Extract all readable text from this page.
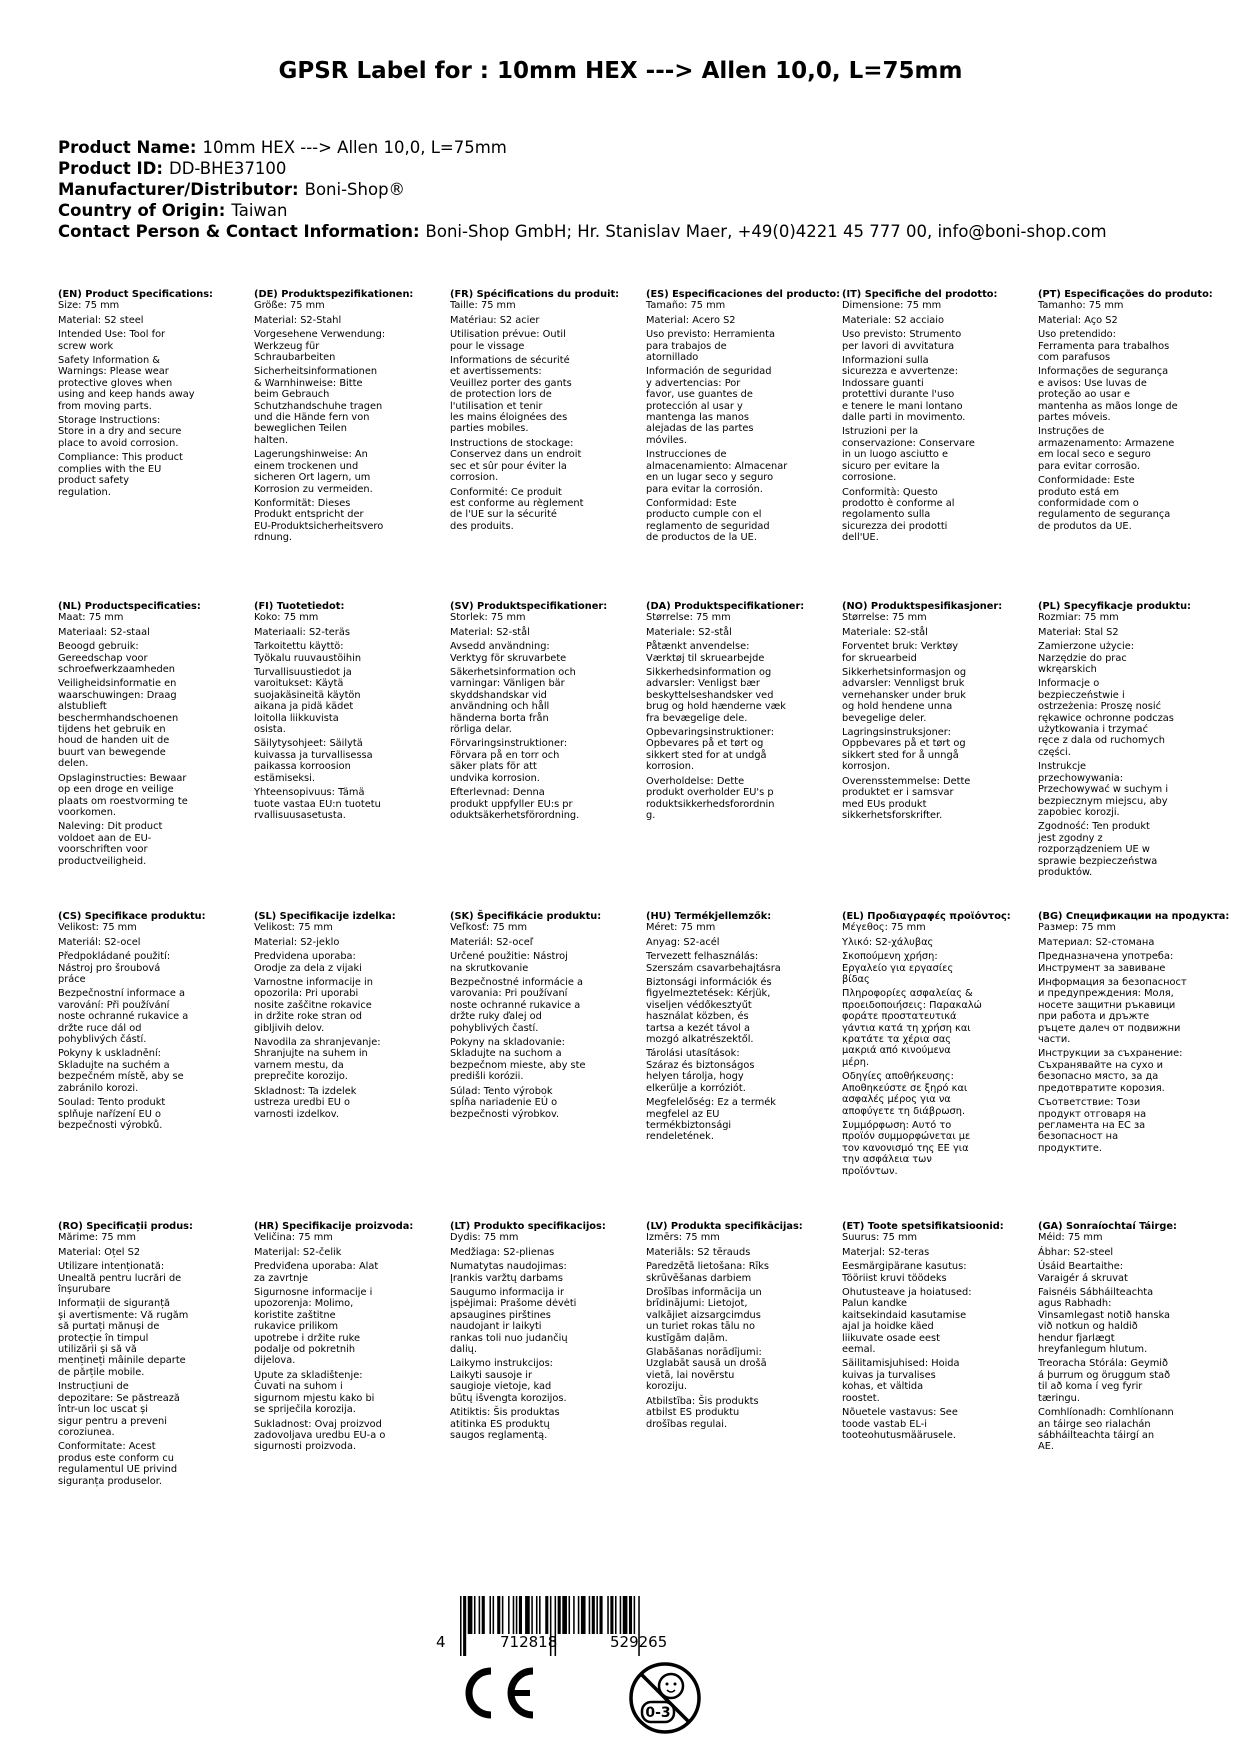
GPSR Label for : 10mm HEX ---> Allen 10,0, L=75mm
Product Name: 10mm HEX ---> Allen 10,0, L=75mm
Product ID: DD-BHE37100
Manufacturer/Distributor: Boni-Shop®
Country of Origin: Taiwan
Contact Person & Contact Information: Boni-Shop GmbH; Hr. Stanislav Maer, +49(0)4221 45 777 00, info@boni-shop.com
(EN) Product Specifications:

Size: 75 mm

Material: S2 steel

Intended Use: Tool for
screw work

Safety Information &
Warnings: Please wear
protective gloves when
using and keep hands away
from moving parts.

Storage Instructions:
Store in a dry and secure
place to avoid corrosion.

Compliance: This product
complies with the EU
product safety
regulation.

(DE) Produktspezifikationen:

Größe: 75 mm

Material: S2-Stahl

Vorgesehene Verwendung:
Werkzeug für
Schraubarbeiten

Sicherheitsinformationen
& Warnhinweise: Bitte
beim Gebrauch
Schutzhandschuhe tragen
und die Hände fern von
beweglichen Teilen
halten.

Lagerungshinweise: An
einem trockenen und
sicheren Ort lagern, um
Korrosion zu vermeiden.

Konformität: Dieses
Produkt entspricht der
EU-Produktsicherheitsvero
rdnung.

(FR) Spécifications du produit:

Taille: 75 mm

Matériau: S2 acier

Utilisation prévue: Outil
pour le vissage

Informations de sécurité
et avertissements:
Veuillez porter des gants
de protection lors de
l'utilisation et tenir
les mains éloignées des
parties mobiles.

Instructions de stockage:
Conservez dans un endroit
sec et sûr pour éviter la
corrosion.

Conformité: Ce produit
est conforme au règlement
de l'UE sur la sécurité
des produits.

(ES) Especificaciones del producto:

Tamaño: 75 mm

Material: Acero S2

Uso previsto: Herramienta
para trabajos de
atornillado

Información de seguridad
y advertencias: Por
favor, use guantes de
protección al usar y
mantenga las manos
alejadas de las partes
móviles.

Instrucciones de
almacenamiento: Almacenar
en un lugar seco y seguro
para evitar la corrosión.

Conformidad: Este
producto cumple con el
reglamento de seguridad
de productos de la UE.

(IT) Specifiche del prodotto:

Dimensione: 75 mm

Materiale: S2 acciaio

Uso previsto: Strumento
per lavori di avvitatura

Informazioni sulla
sicurezza e avvertenze:
Indossare guanti
protettivi durante l'uso
e tenere le mani lontano
dalle parti in movimento.

Istruzioni per la
conservazione: Conservare
in un luogo asciutto e
sicuro per evitare la
corrosione.

Conformità: Questo
prodotto è conforme al
regolamento sulla
sicurezza dei prodotti
dell'UE.

(PT) Especificações do produto:

Tamanho: 75 mm

Material: Aço S2

Uso pretendido:
Ferramenta para trabalhos
com parafusos

Informações de segurança
e avisos: Use luvas de
proteção ao usar e
mantenha as mãos longe de
partes móveis.

Instruções de
armazenamento: Armazene
em local seco e seguro
para evitar corrosão.

Conformidade: Este
produto está em
conformidade com o
regulamento de segurança
de produtos da UE.

(NL) Productspecificaties:

Maat: 75 mm

Materiaal: S2-staal

Beoogd gebruik:
Gereedschap voor
schroefwerkzaamheden

Veiligheidsinformatie en
waarschuwingen: Draag
alstublieft
beschermhandschoenen
tijdens het gebruik en
houd de handen uit de
buurt van bewegende
delen.

Opslaginstructies: Bewaar
op een droge en veilige
plaats om roestvorming te
voorkomen.

Naleving: Dit product
voldoet aan de EU-
voorschriften voor
productveiligheid.

(FI) Tuotetiedot:

Koko: 75 mm

Materiaali: S2-teräs

Tarkoitettu käyttö:
Työkalu ruuvaustöihin

Turvallisuustiedot ja
varoitukset: Käytä
suojakäsineitä käytön
aikana ja pidä kädet
loitolla liikkuvista
osista.

Säilytysohjeet: Säilytä
kuivassa ja turvallisessa
paikassa korroosion
estämiseksi.

Yhteensopivuus: Tämä
tuote vastaa EU:n tuotetu
rvallisuusasetusta.

(SV) Produktspecifikationer:

Storlek: 75 mm

Material: S2-stål

Avsedd användning:
Verktyg för skruvarbete

Säkerhetsinformation och
varningar: Vänligen bär
skyddshandskar vid
användning och håll
händerna borta från
rörliga delar.

Förvaringsinstruktioner:
Förvara på en torr och
säker plats för att
undvika korrosion.

Efterlevnad: Denna
produkt uppfyller EU:s pr
oduktsäkerhetsförordning.

(DA) Produktspecifikationer:

Størrelse: 75 mm

Materiale: S2-stål

Påtænkt anvendelse:
Værktøj til skruearbejde

Sikkerhedsinformation og
advarsler: Venligst bær
beskyttelseshandsker ved
brug og hold hænderne væk
fra bevægelige dele.

Opbevaringsinstruktioner:
Opbevares på et tørt og
sikkert sted for at undgå
korrosion.

Overholdelse: Dette
produkt overholder EU's p
roduktsikkerhedsforordnin
g.

(NO) Produktspesifikasjoner:

Størrelse: 75 mm

Materiale: S2-stål

Forventet bruk: Verktøy
for skruearbeid

Sikkerhetsinformasjon og
advarsler: Vennligst bruk
vernehansker under bruk
og hold hendene unna
bevegelige deler.

Lagringsinstruksjoner:
Oppbevares på et tørt og
sikkert sted for å unngå
korrosjon.

Overensstemmelse: Dette
produktet er i samsvar
med EUs produkt
sikkerhetsforskrifter.

(PL) Specyfikacje produktu:

Rozmiar: 75 mm

Materiał: Stal S2

Zamierzone użycie:
Narzędzie do prac
wkręarskich

Informacje o
bezpieczeństwie i
ostrzeżenia: Proszę nosić
rękawice ochronne podczas
użytkowania i trzymać
ręce z dala od ruchomych
części.

Instrukcje
przechowywania:
Przechowywać w suchym i
bezpiecznym miejscu, aby
zapobiec korozji.

Zgodność: Ten produkt
jest zgodny z
rozporządzeniem UE w
sprawie bezpieczeństwa
produktów.

(CS) Specifikace produktu:

Velikost: 75 mm

Materiál: S2-ocel

Předpokládané použití:
Nástroj pro šroubová
práce

Bezpečnostní informace a
varování: Při používání
noste ochranné rukavice a
držte ruce dál od
pohyblivých částí.

Pokyny k uskladnění:
Skladujte na suchém a
bezpečném místě, aby se
zabránilo korozi.

Soulad: Tento produkt
splňuje nařízení EU o
bezpečnosti výrobků.

(SL) Specifikacije izdelka:

Velikost: 75 mm

Material: S2-jeklo

Predvidena uporaba:
Orodje za dela z vijaki

Varnostne informacije in
opozorila: Pri uporabi
nosite zaščitne rokavice
in držite roke stran od
gibljivih delov.

Navodila za shranjevanje:
Shranjujte na suhem in
varnem mestu, da
preprečite korozijo.

Skladnost: Ta izdelek
ustreza uredbi EU o
varnosti izdelkov.

(SK) Špecifikácie produktu:

Veľkosť: 75 mm

Materiál: S2-oceľ

Určené použitie: Nástroj
na skrutkovanie

Bezpečnostné informácie a
varovania: Pri používaní
noste ochranné rukavice a
držte ruky ďalej od
pohyblivých častí.

Pokyny na skladovanie:
Skladujte na suchom a
bezpečnom mieste, aby ste
predišli korózii.

Súlad: Tento výrobok
spĺňa nariadenie EÚ o
bezpečnosti výrobkov.

(HU) Termékjellemzők:

Méret: 75 mm

Anyag: S2-acél

Tervezett felhasználás:
Szerszám csavarbehajtásra

Biztonsági információk és
figyelmeztetések: Kérjük,
viseljen védőkesztyűt
használat közben, és
tartsa a kezét távol a
mozgó alkatrészektől.

Tárolási utasítások:
Száraz és biztonságos
helyen tárolja, hogy
elkerülje a korróziót.

Megfelelőség: Ez a termék
megfelel az EU
termékbiztonsági
rendeletének.

(EL) Προδιαγραφές προϊόντος:

Μέγεθος: 75 mm

Υλικό: S2-χάλυβας

Σκοπούμενη χρήση:
Εργαλείο για εργασίες
βίδας

Πληροφορίες ασφαλείας &
προειδοποιήσεις: Παρακαλώ
φοράτε προστατευτικά
γάντια κατά τη χρήση και
κρατάτε τα χέρια σας
μακριά από κινούμενα
μέρη.

Οδηγίες αποθήκευσης:
Αποθηκεύστε σε ξηρό και
ασφαλές μέρος για να
αποφύγετε τη διάβρωση.

Συμμόρφωση: Αυτό το
προϊόν συμμορφώνεται με
τον κανονισμό της ΕΕ για
την ασφάλεια των
προϊόντων.

(BG) Спецификации на продукта:

Размер: 75 mm

Материал: S2-стомана

Предназначена употреба:
Инструмент за завиване

Информация за безопасност
и предупреждения: Моля,
носете защитни ръкавици
при работа и дръжте
ръцете далеч от подвижни
части.

Инструкции за съхранение:
Съхранявайте на сухо и
безопасно място, за да
предотвратите корозия.

Съответствие: Този
продукт отговаря на
регламента на ЕС за
безопасност на
продуктите.

(RO) Specificații produs:

Mărime: 75 mm

Material: Oțel S2

Utilizare intenționată:
Unealtă pentru lucrări de
înșurubare

Informații de siguranță
și avertismente: Vă rugăm
să purtați mănuși de
protecție în timpul
utilizării și să vă
mențineți mâinile departe
de părțile mobile.

Instrucțiuni de
depozitare: Se păstrează
într-un loc uscat și
sigur pentru a preveni
coroziunea.

Conformitate: Acest
produs este conform cu
regulamentul UE privind
siguranța produselor.

(HR) Specifikacije proizvoda:

Veličina: 75 mm

Materijal: S2-čelik

Predviđena uporaba: Alat
za zavrtnje

Sigurnosne informacije i
upozorenja: Molimo,
koristite zaštitne
rukavice prilikom
upotrebe i držite ruke
podalje od pokretnih
dijelova.

Upute za skladištenje:
Čuvati na suhom i
sigurnom mjestu kako bi
se spriječila korozija.

Sukladnost: Ovaj proizvod
zadovoljava uredbu EU-a o
sigurnosti proizvoda.

(LT) Produkto specifikacijos:

Dydis: 75 mm

Medžiaga: S2-plienas

Numatytas naudojimas:
Įrankis varžtų darbams

Saugumo informacija ir
įspėjimai: Prašome dėvėti
apsaugines pirštines
naudojant ir laikyti
rankas toli nuo judančių
dalių.

Laikymo instrukcijos:
Laikyti sausoje ir
saugioje vietoje, kad
būtų išvengta korozijos.

Atitiktis: Šis produktas
atitinka ES produktų
saugos reglamentą.

(LV) Produkta specifikācijas:

Izmērs: 75 mm

Materiāls: S2 tērauds

Paredzētā lietošana: Rīks
skrūvēšanas darbiem

Drošības informācija un
brīdinājumi: Lietojot,
valkājiet aizsargcimdus
un turiet rokas tālu no
kustīgām daļām.

Glabāšanas norādījumi:
Uzglabāt sausā un drošā
vietā, lai novērstu
koroziju.

Atbilstība: Šis produkts
atbilst ES produktu
drošības regulai.

(ET) Toote spetsifikatsioonid:

Suurus: 75 mm

Materjal: S2-teras

Eesmärgipärane kasutus:
Tööriist kruvi töödeks

Ohutusteave ja hoiatused:
Palun kandke
kaitsekindaid kasutamise
ajal ja hoidke käed
liikuvate osade eest
eemal.

Säilitamisjuhised: Hoida
kuivas ja turvalises
kohas, et vältida
roostet.

Nõuetele vastavus: See
toode vastab EL-i
tooteohutusmäärusele.

(GA) Sonraíochtaí Táirge:

Méid: 75 mm

Ábhar: S2-steel

Úsáid Beartaithe:
Varaigér á skruvat

Faisnéis Sábháilteachta
agus Rabhadh:
Vinsamlegast notið hanska
við notkun og haldið
hendur fjarlægt
hreyfanlegum hlutum.

Treoracha Stórála: Geymið
á þurrum og öruggum stað
til að koma í veg fyrir
tæringu.

Comhlíonadh: Comhlíonann
an táirge seo rialachán
sábháilteachta táirgí an
AE.

4	712818	529265
0-3
